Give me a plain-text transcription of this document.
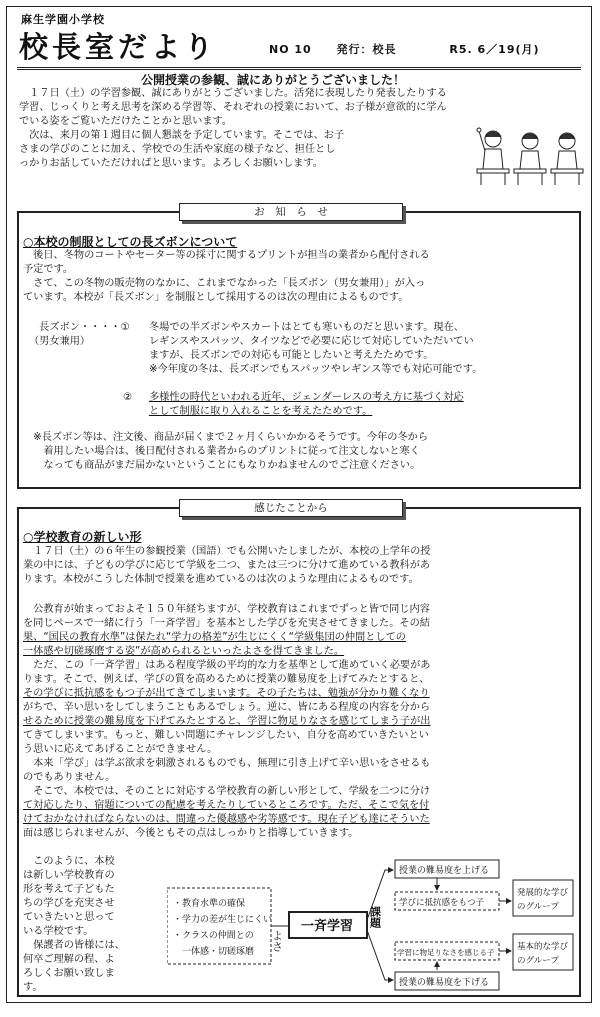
麻生学園小学校
校長室だより	NO 10 発行：校長	R5. 6／19(月)
公開授業の参観、誠にありがとうございました！
　１７日（土）の学習参観、誠にありがとうございました。活発に表現したり発表したりする
学習、じっくりと考え思考を深める学習等、それぞれの授業において、お子様が意欲的に学ん
でいる姿をご覧いただけたことかと思います。
　次は、来月の第１週目に個人懇談を予定しています。そこでは、お子
さまの学びのことに加え、学校での生活や家庭の様子など、担任とし
っかりお話していただければと思います。よろしくお願いします。
お　知　ら　せ
○本校の制服としての長ズボンについて
　後日、冬物のコートやセーター等の採寸に関するプリントが担当の業者から配付される
予定です。
　さて、この冬物の販売物のなかに、これまでなかった「長ズボン（男女兼用）」が入っ
ています。本校が「長ズボン」を制服として採用するのは次の理由によるものです。
　長ズボン・・・・①
（男女兼用）
冬場での半ズボンやスカートはとても寒いものだと思います。現在、
レギンスやスパッツ、タイツなどで必要に応じて対応していただいてい
ますが、長ズボンでの対応も可能としたいと考えたためです。
※今年度の冬は、長ズボンでもスパッツやレギンス等でも対応可能です。
② 多様性の時代といわれる近年、ジェンダーレスの考え方に基づく対応
として制服に取り入れることを考えたためです。
　※長ズボン等は、注文後、商品が届くまで２ヶ月くらいかかるそうです。今年の冬から
　　着用したい場合は、後日配付される業者からのプリントに従って注文しないと寒く
　　なっても商品がまだ届かないということにもなりかねませんのでご注意ください。
感じたことから
○学校教育の新しい形
　１７日（土）の６年生の参観授業（国語）でも公開いたしましたが、本校の上学年の授
業の中には、子どもの学びに応じて学級を二つ、または三つに分けて進めている教科があ
ります。本校がこうした体制で授業を進めているのは次のような理由によるものです。
　公教育が始まっておよそ１５０年経ちますが、学校教育はこれまでずっと皆で同じ内容
を同じペースで一緒に行う「一斉学習」を基本とした学びを充実させてきました。その結
果、“国民の教育水準”は保たれ“学力の格差”が生じにくく“学級集団の仲間としての
一体感や切磋琢磨する姿”が高められるといったよさを得てきました。
　ただ、この「一斉学習」はある程度学級の平均的な力を基準として進めていく必要があ
ります。そこで、例えば、学びの質を高めるために授業の難易度を上げてみたとすると、
その学びに抵抗感をもつ子が出てきてしまいます。その子たちは、勉強が分かり難くなり
がちで、辛い思いをしてしまうこともあるでしょう。逆に、皆にある程度の内容を分から
せるために授業の難易度を下げてみたとすると、学習に物足りなさを感じてしまう子が出
てきてしまいます。もっと、難しい問題にチャレンジしたい、自分を高めていきたいとい
う思いに応えてあげることができません。
　本来「学び」は学ぶ欲求を刺激されるものでも、無理に引き上げて辛い思いをさせるも
のでもありません。
　そこで、本校では、そのことに対応する学校教育の新しい形として、学級を二つに分け
て対応したり、宿題についての配慮を考えたりしているところです。ただ、そこで気を付
けておかなければならないのは、間違った優越感や劣等感です。現在子ども達にそういた
面は感じられませんが、今後ともその点はしっかりと指導していきます。
　このように、本校
は新しい学校教育の
形を考えて子どもた
ちの学びを充実させ
ていきたいと思って
いる学校です。
　保護者の皆様には、
何卒ご理解の程、よ
ろしくお願い致しま
す。
・教育水準の確保
・学力の差が生じにくい
・クラスの仲間との
　一体感・切磋琢磨 よさ
一斉学習 課題
授業の難易度を上げる
学びに抵抗感をもつ子
学習に物足りなさを感じる子
授業の難易度を下げる
発展的な学び
のグループ
基本的な学び
のグループ
